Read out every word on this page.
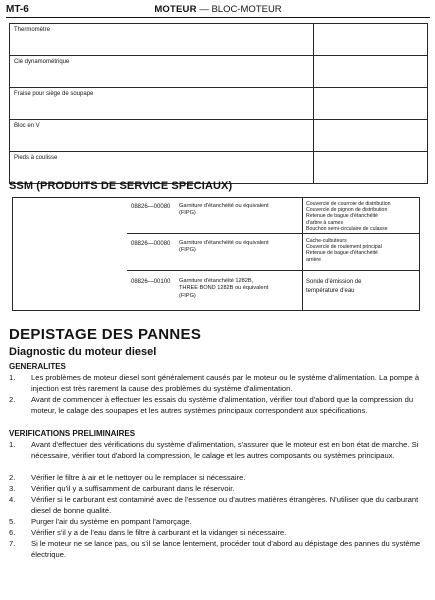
MT-6	MOTEUR — BLOC-MOTEUR
Thermomètre	
Clé dynamométrique	
Fraise pour siège de soupape	
Bloc en V	
Pieds à coulisse	
SSM (PRODUITS DE SERVICE SPECIAUX)
08826—00080 Garniture d'étanchéité ou équivalent
(FIPG)
Couvercle de courroie de distribution
Couvercle de pignon de distribution
Retenue de bague d'étanchéité
d'arbre à cames
Bouchon semi-circulaire de culasse
08826—00080 Garniture d'étanchéité ou équivalent
(FIPG)
Cache-culbuteurs
Couvercle de roulement principal
Retenue de bague d'étanchéité
arrière
08826—00100 Garniture d'étanchéité 1282B,
THREE BOND 1282B ou équivalent
(FIPG)
Sonde d'émission de
température d'eau
DEPISTAGE DES PANNES
Diagnostic du moteur diesel
GENERALITES
1. Les problèmes de moteur diesel sont généralement causés par le moteur ou le système d'alimentation. La pompe à injection est très rarement la cause des problèmes du système d'alimentation.
2. Avant de commencer à effectuer les essais du système d'alimentation, vérifier tout d'abord que la compression du moteur, le calage des soupapes et les autres systèmes principaux correspondent aux spécifications.
VERIFICATIONS PRELIMINAIRES
1. Avant d'effectuer des vérifications du système d'alimentation, s'assurer que le moteur est en bon état de marche. Si nécessaire, vérifier tout d'abord la compression, le calage et les autres composants ou systèmes principaux.
2. Vérifier le filtre à air et le nettoyer ou le remplacer si nécessaire.
3. Vérifier qu'il y a suffisamment de carburant dans le réservoir.
4. Vérifier si le carburant est contaminé avec de l'essence ou d'autres matières étrangères. N'utiliser que du carburant diesel de bonne qualité.
5. Purger l'air du système en pompant l'amorçage.
6. Vérifier s'il y a de l'eau dans le filtre à carburant et la vidanger si nécessaire.
7. Si le moteur ne se lance pas, ou s'il se lance lentement, procéder tout d'abord au dépistage des pannes du système électrique.
